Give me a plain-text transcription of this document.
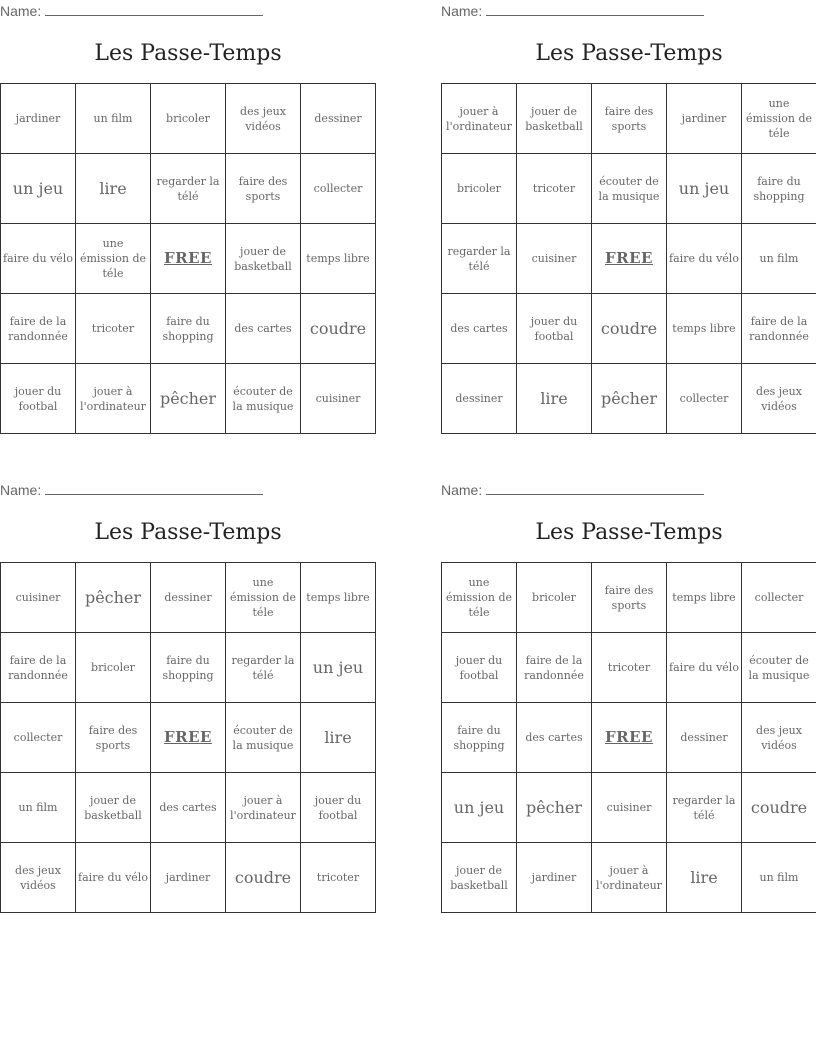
Name:
Les Passe-Temps
jardiner	un film	bricoler	des jeux vidéos	dessiner
un jeu	lire	regarder la télé	faire des sports	collecter
faire du vélo	une émission de téle	FREE	jouer de basketball	temps libre
faire de la randonnée	tricoter	faire du shopping	des cartes	coudre
jouer du footbal	jouer à l'ordinateur	pêcher	écouter de la musique	cuisiner
Name:
Les Passe-Temps
jouer à l'ordinateur	jouer de basketball	faire des sports	jardiner	une émission de téle
bricoler	tricoter	écouter de la musique	un jeu	faire du shopping
regarder la télé	cuisiner	FREE	faire du vélo	un film
des cartes	jouer du footbal	coudre	temps libre	faire de la randonnée
dessiner	lire	pêcher	collecter	des jeux vidéos
Name:
Les Passe-Temps
cuisiner	pêcher	dessiner	une émission de téle	temps libre
faire de la randonnée	bricoler	faire du shopping	regarder la télé	un jeu
collecter	faire des sports	FREE	écouter de la musique	lire
un film	jouer de basketball	des cartes	jouer à l'ordinateur	jouer du footbal
des jeux vidéos	faire du vélo	jardiner	coudre	tricoter
Name:
Les Passe-Temps
une émission de téle	bricoler	faire des sports	temps libre	collecter
jouer du footbal	faire de la randonnée	tricoter	faire du vélo	écouter de la musique
faire du shopping	des cartes	FREE	dessiner	des jeux vidéos
un jeu	pêcher	cuisiner	regarder la télé	coudre
jouer de basketball	jardiner	jouer à l'ordinateur	lire	un film
